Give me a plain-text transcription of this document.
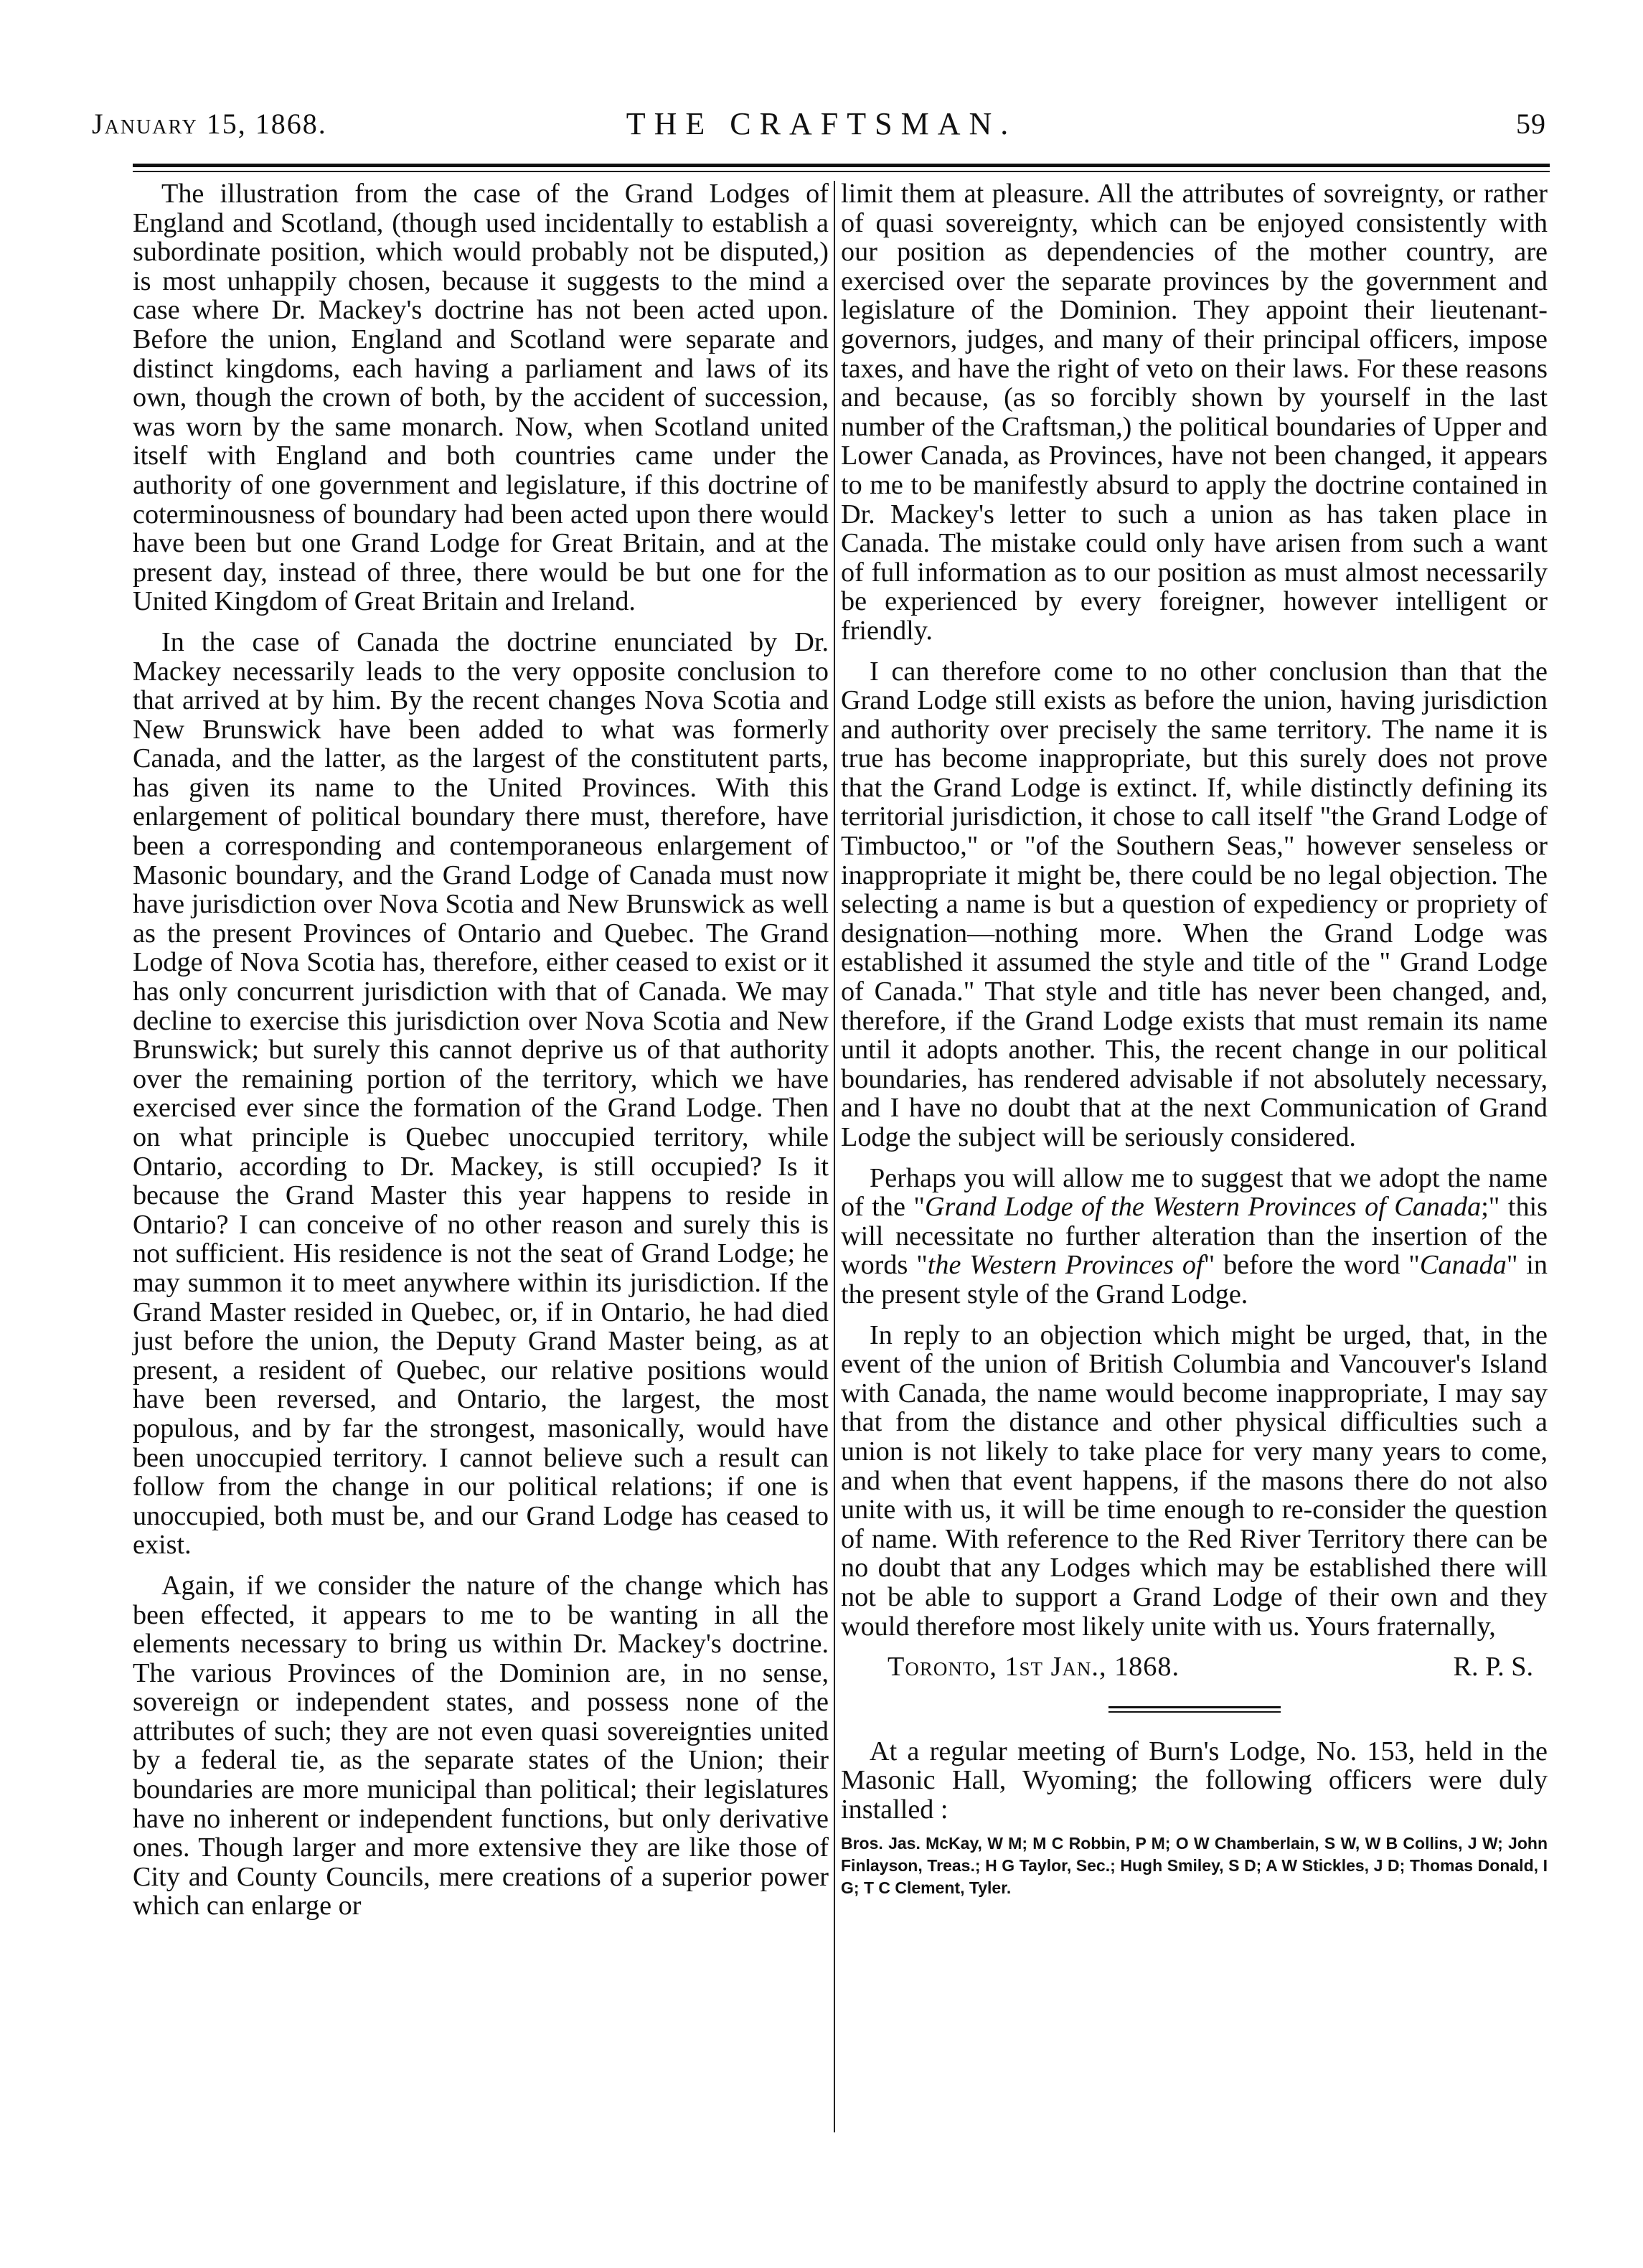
January 15, 1868.	THE CRAFTSMAN.	59

The illustration from the case of the Grand Lodges of England and Scotland, (though used incidentally to establish a subordinate position, which would probably not be disputed,) is most unhappily chosen, because it suggests to the mind a case where Dr. Mackey's doctrine has not been acted upon. Before the union, England and Scotland were separate and distinct kingdoms, each having a parliament and laws of its own, though the crown of both, by the accident of succession, was worn by the same monarch. Now, when Scotland united itself with England and both countries came under the authority of one government and legislature, if this doctrine of coterminousness of boundary had been acted upon there would have been but one Grand Lodge for Great Britain, and at the present day, instead of three, there would be but one for the United Kingdom of Great Britain and Ireland.

In the case of Canada the doctrine enunciated by Dr. Mackey necessarily leads to the very opposite conclusion to that arrived at by him. By the recent changes Nova Scotia and New Brunswick have been added to what was formerly Canada, and the latter, as the largest of the constitutent parts, has given its name to the United Provinces. With this enlargement of political boundary there must, therefore, have been a corresponding and contemporaneous enlargement of Masonic boundary, and the Grand Lodge of Canada must now have jurisdiction over Nova Scotia and New Brunswick as well as the present Provinces of Ontario and Quebec. The Grand Lodge of Nova Scotia has, therefore, either ceased to exist or it has only concurrent jurisdiction with that of Canada. We may decline to exercise this jurisdiction over Nova Scotia and New Brunswick; but surely this cannot deprive us of that authority over the remaining portion of the territory, which we have exercised ever since the formation of the Grand Lodge. Then on what principle is Quebec unoccupied territory, while Ontario, according to Dr. Mackey, is still occupied? Is it because the Grand Master this year happens to reside in Ontario? I can conceive of no other reason and surely this is not sufficient. His residence is not the seat of Grand Lodge; he may summon it to meet anywhere within its jurisdiction. If the Grand Master resided in Quebec, or, if in Ontario, he had died just before the union, the Deputy Grand Master being, as at present, a resident of Quebec, our relative positions would have been reversed, and Ontario, the largest, the most populous, and by far the strongest, masonically, would have been unoccupied territory. I cannot believe such a result can follow from the change in our political relations; if one is unoccupied, both must be, and our Grand Lodge has ceased to exist.

Again, if we consider the nature of the change which has been effected, it appears to me to be wanting in all the elements necessary to bring us within Dr. Mackey's doctrine. The various Provinces of the Dominion are, in no sense, sovereign or independent states, and possess none of the attributes of such; they are not even quasi sovereignties united by a federal tie, as the separate states of the Union; their boundaries are more municipal than political; their legislatures have no inherent or independent functions, but only derivative ones. Though larger and more extensive they are like those of City and County Councils, mere creations of a superior power which can enlarge or

limit them at pleasure. All the attributes of sovreignty, or rather of quasi sovereignty, which can be enjoyed consistently with our position as dependencies of the mother country, are exercised over the separate provinces by the government and legislature of the Dominion. They appoint their lieutenant-governors, judges, and many of their principal officers, impose taxes, and have the right of veto on their laws. For these reasons and because, (as so forcibly shown by yourself in the last number of the Craftsman,) the political boundaries of Upper and Lower Canada, as Provinces, have not been changed, it appears to me to be manifestly absurd to apply the doctrine contained in Dr. Mackey's letter to such a union as has taken place in Canada. The mistake could only have arisen from such a want of full information as to our position as must almost necessarily be experienced by every foreigner, however intelligent or friendly.

I can therefore come to no other conclusion than that the Grand Lodge still exists as before the union, having jurisdiction and authority over precisely the same territory. The name it is true has become inappropriate, but this surely does not prove that the Grand Lodge is extinct. If, while distinctly defining its territorial jurisdiction, it chose to call itself "the Grand Lodge of Timbuctoo," or "of the Southern Seas," however senseless or inappropriate it might be, there could be no legal objection. The selecting a name is but a question of expediency or propriety of designation—nothing more. When the Grand Lodge was established it assumed the style and title of the " Grand Lodge of Canada." That style and title has never been changed, and, therefore, if the Grand Lodge exists that must remain its name until it adopts another. This, the recent change in our political boundaries, has rendered advisable if not absolutely necessary, and I have no doubt that at the next Communication of Grand Lodge the subject will be seriously considered.

Perhaps you will allow me to suggest that we adopt the name of the "Grand Lodge of the Western Provinces of Canada;" this will necessitate no further alteration than the insertion of the words "the Western Provinces of" before the word "Canada" in the present style of the Grand Lodge.

In reply to an objection which might be urged, that, in the event of the union of British Columbia and Vancouver's Island with Canada, the name would become inappropriate, I may say that from the distance and other physical difficulties such a union is not likely to take place for very many years to come, and when that event happens, if the masons there do not also unite with us, it will be time enough to re-consider the question of name. With reference to the Red River Territory there can be no doubt that any Lodges which may be established there will not be able to support a Grand Lodge of their own and they would therefore most likely unite with us. Yours fraternally,

Toronto, 1st Jan., 1868.	R. P. S.

At a regular meeting of Burn's Lodge, No. 153, held in the Masonic Hall, Wyoming; the following officers were duly installed :

Bros. Jas. McKay, W M; M C Robbin, P M; O W Chamberlain, S W, W B Collins, J W; John Finlayson, Treas.; H G Taylor, Sec.; Hugh Smiley, S D; A W Stickles, J D; Thomas Donald, I G; T C Clement, Tyler.
